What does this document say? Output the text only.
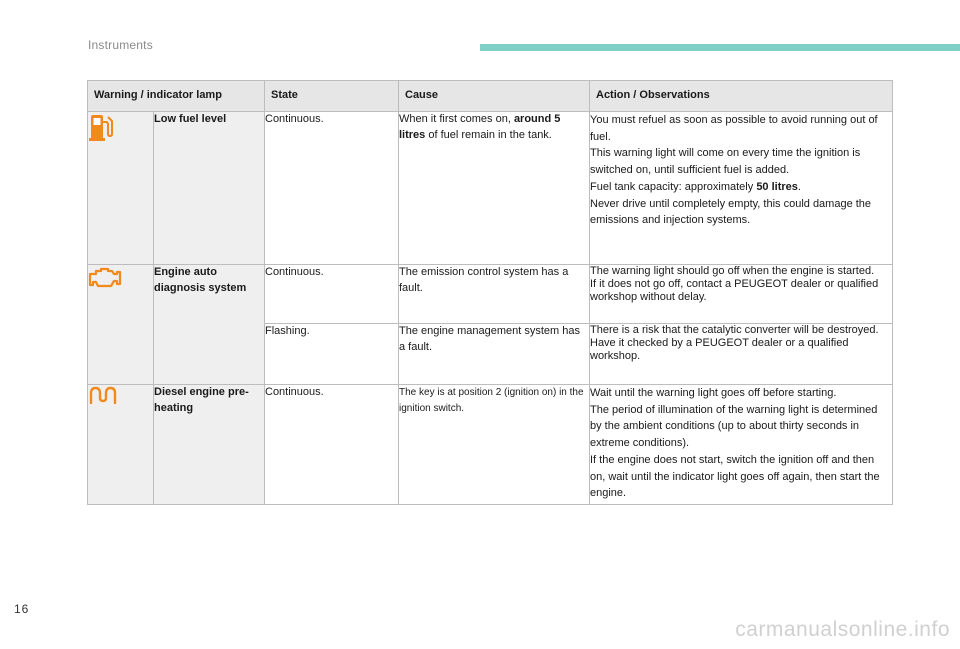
Instruments
Warning / indicator lamp		State	Cause	Action / Observations
	Low fuel level	Continuous.	When it first comes on, around 5 litres of fuel remain in the tank.	You must refuel as soon as possible to avoid running out of fuel.
This warning light will come on every time the ignition is switched on, until sufficient fuel is added.
Fuel tank capacity: approximately 50 litres.
Never drive until completely empty, this could damage the emissions and injection systems.

	Engine auto diagnosis system	Continuous.	The emission control system has a fault.	The warning light should go off when the engine is started.
If it does not go off, contact a PEUGEOT dealer or qualified workshop without delay.

		Flashing.	The engine management system has a fault.	There is a risk that the catalytic converter will be destroyed.
Have it checked by a PEUGEOT dealer or a qualified workshop.

	Diesel engine pre-heating	Continuous.	The key is at position 2 (ignition on) in the ignition switch.	Wait until the warning light goes off before starting.
The period of illumination of the warning light is determined by the ambient conditions (up to about thirty seconds in extreme conditions).
If the engine does not start, switch the ignition off and then on, wait until the indicator light goes off again, then start the engine.
16
carmanualsonline.info
